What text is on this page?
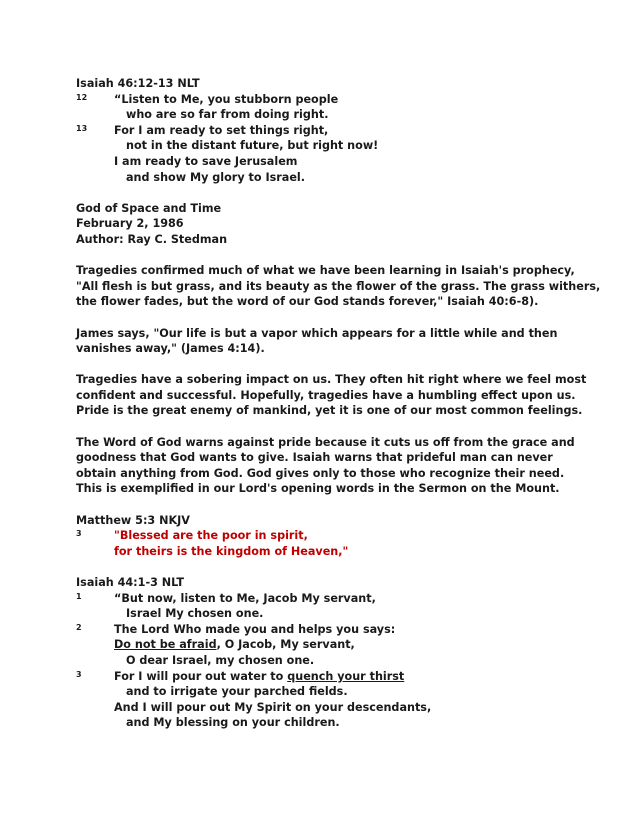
Isaiah 46:12-13 NLT
12 “Listen to Me, you stubborn people
who are so far from doing right.
13 For I am ready to set things right,
not in the distant future, but right now!
I am ready to save Jerusalem
and show My glory to Israel.
God of Space and Time
February 2, 1986
Author: Ray C. Stedman
Tragedies confirmed much of what we have been learning in Isaiah's prophecy,
"All flesh is but grass, and its beauty as the flower of the grass. The grass withers,
the flower fades, but the word of our God stands forever," Isaiah 40:6-8).
James says, "Our life is but a vapor which appears for a little while and then
vanishes away," (James 4:14).
Tragedies have a sobering impact on us. They often hit right where we feel most
confident and successful. Hopefully, tragedies have a humbling effect upon us.
Pride is the great enemy of mankind, yet it is one of our most common feelings.
The Word of God warns against pride because it cuts us off from the grace and
goodness that God wants to give. Isaiah warns that prideful man can never
obtain anything from God. God gives only to those who recognize their need.
This is exemplified in our Lord's opening words in the Sermon on the Mount.
Matthew 5:3 NKJV
3	"Blessed are the poor in spirit,
for theirs is the kingdom of Heaven,"
Isaiah 44:1-3 NLT
1	“But now, listen to Me, Jacob My servant,
Israel My chosen one.
2	The Lord Who made you and helps you says:
Do not be afraid, O Jacob, My servant,
O dear Israel, my chosen one.
3	For I will pour out water to quench your thirst
and to irrigate your parched fields.
And I will pour out My Spirit on your descendants,
and My blessing on your children.
